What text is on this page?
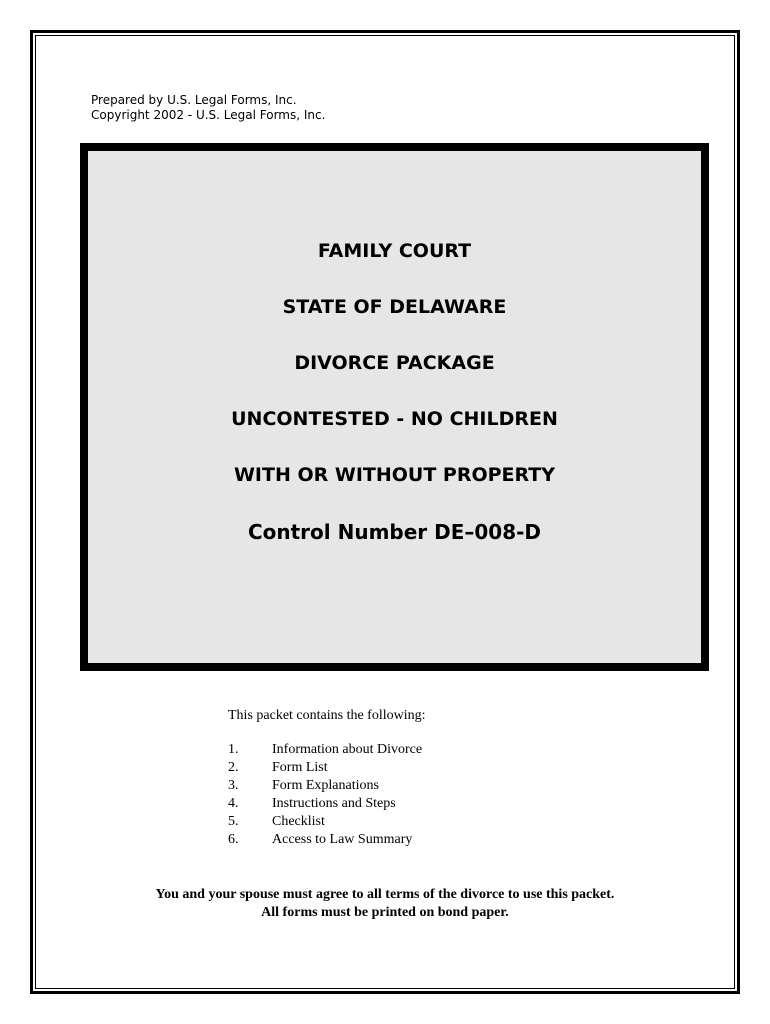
Prepared by U.S. Legal Forms, Inc.
Copyright 2002 - U.S. Legal Forms, Inc.
FAMILY COURT
STATE OF DELAWARE
DIVORCE PACKAGE
UNCONTESTED - NO CHILDREN
WITH OR WITHOUT PROPERTY
Control Number DE–008-D
This packet contains the following:
1.	Information about Divorce
2.	Form List
3.	Form Explanations
4.	Instructions and Steps
5.	Checklist
6.	Access to Law Summary
You and your spouse must agree to all terms of the divorce to use this packet.
All forms must be printed on bond paper.
